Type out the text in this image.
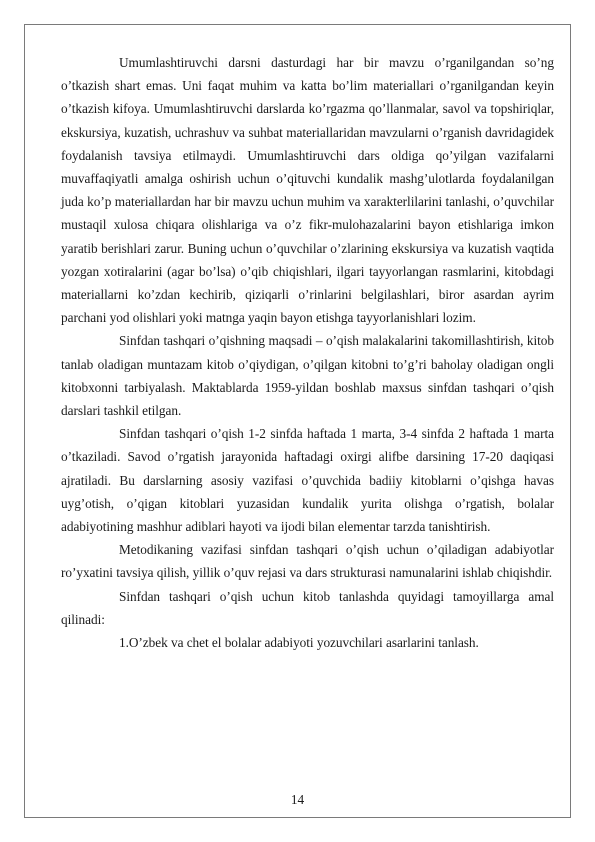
Umumlashtiruvchi darsni dasturdagi har bir mavzu o’rganilgandan so’ng o’tkazish shart emas. Uni faqat muhim va katta bo’lim materiallari o’rganilgandan keyin o’tkazish kifoya. Umumlashtiruvchi darslarda ko’rgazma qo’llanmalar, savol va topshiriqlar, ekskursiya, kuzatish, uchrashuv va suhbat materiallaridan mavzularni o’rganish davridagidek foydalanish tavsiya etilmaydi. Umumlashtiruvchi dars oldiga qo’yilgan vazifalarni muvaffaqiyatli amalga oshirish uchun o’qituvchi kundalik mashg’ulotlarda foydalanilgan juda ko’p materiallardan har bir mavzu uchun muhim va xarakterlilarini tanlashi, o’quvchilar mustaqil xulosa chiqara olishlariga va o’z fikr-mulohazalarini bayon etishlariga imkon yaratib berishlari zarur. Buning uchun o’quvchilar o’zlarining ekskursiya va kuzatish vaqtida yozgan xotiralarini (agar bo’lsa) o’qib chiqishlari, ilgari tayyorlangan rasmlarini, kitobdagi materiallarni ko’zdan kechirib, qiziqarli o’rinlarini belgilashlari, biror asardan ayrim parchani yod olishlari yoki matnga yaqin bayon etishga tayyorlanishlari lozim.

Sinfdan tashqari o’qishning maqsadi – o’qish malakalarini takomillashtirish, kitob tanlab oladigan muntazam kitob o’qiydigan, o’qilgan kitobni to’g’ri baholay oladigan ongli kitobxonni tarbiyalash. Maktablarda 1959-yildan boshlab maxsus sinfdan tashqari o’qish darslari tashkil etilgan.

Sinfdan tashqari o’qish 1-2 sinfda haftada 1 marta, 3-4 sinfda 2 haftada 1 marta o’tkaziladi. Savod o’rgatish jarayonida haftadagi oxirgi alifbe darsining 17-20 daqiqasi ajratiladi. Bu darslarning asosiy vazifasi o’quvchida badiiy kitoblarni o’qishga havas uyg’otish, o’qigan kitoblari yuzasidan kundalik yurita olishga o’rgatish, bolalar adabiyotining mashhur adiblari hayoti va ijodi bilan elementar tarzda tanishtirish.

Metodikaning vazifasi sinfdan tashqari o’qish uchun o’qiladigan adabiyotlar ro’yxatini tavsiya qilish, yillik o’quv rejasi va dars strukturasi namunalarini ishlab chiqishdir.

Sinfdan tashqari o’qish uchun kitob tanlashda quyidagi tamoyillarga amal qilinadi:

1.O’zbek va chet el bolalar adabiyoti yozuvchilari asarlarini tanlash.

14
